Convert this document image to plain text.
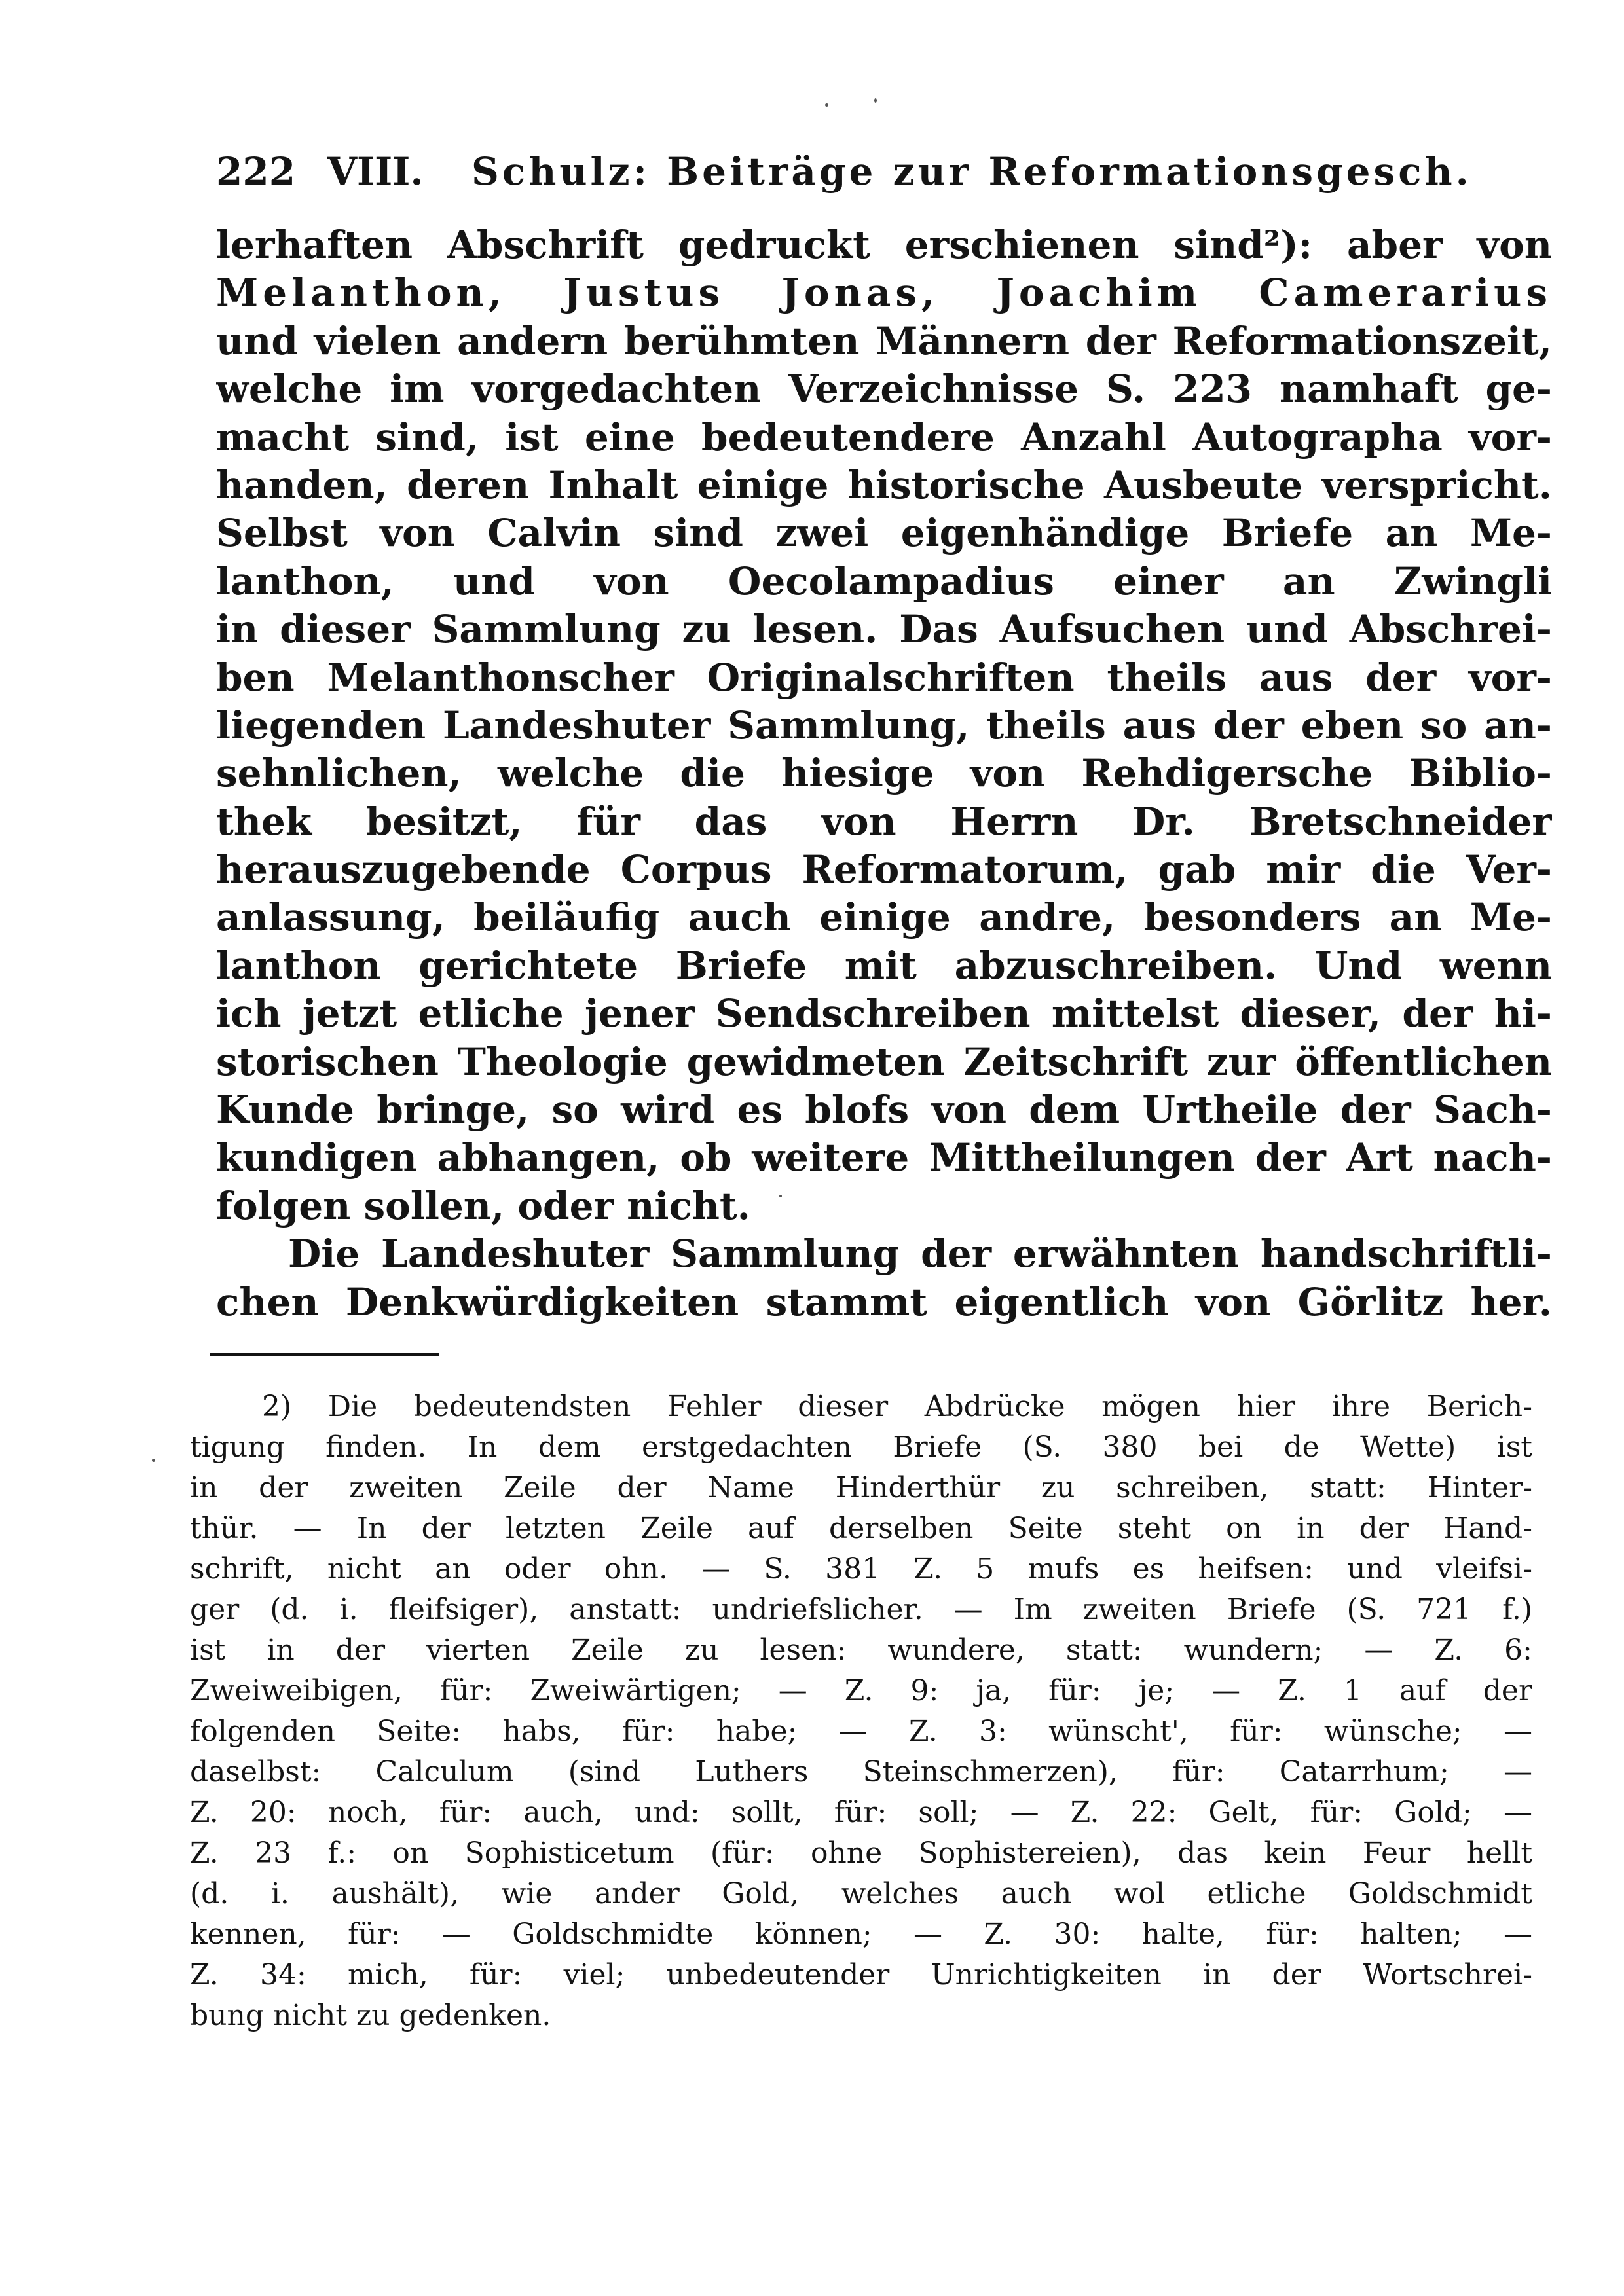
222 VIII. Schulz: Beiträge zur Reformationsgesch.
lerhaften Abschrift gedruckt erschienen sind²): aber von
Melanthon, Justus Jonas, Joachim Camerarius
und vielen andern berühmten Männern der Reformationszeit,
welche im vorgedachten Verzeichnisse S. 223 namhaft ge-
macht sind, ist eine bedeutendere Anzahl Autographa vor-
handen, deren Inhalt einige historische Ausbeute verspricht.
Selbst von Calvin sind zwei eigenhändige Briefe an Me-
lanthon, und von Oecolampadius einer an Zwingli
in dieser Sammlung zu lesen. Das Aufsuchen und Abschrei-
ben Melanthonscher Originalschriften theils aus der vor-
liegenden Landeshuter Sammlung, theils aus der eben so an-
sehnlichen, welche die hiesige von Rehdigersche Biblio-
thek besitzt, für das von Herrn Dr. Bretschneider
herauszugebende Corpus Reformatorum, gab mir die Ver-
anlassung, beiläufig auch einige andre, besonders an Me-
lanthon gerichtete Briefe mit abzuschreiben. Und wenn
ich jetzt etliche jener Sendschreiben mittelst dieser, der hi-
storischen Theologie gewidmeten Zeitschrift zur öffentlichen
Kunde bringe, so wird es blofs von dem Urtheile der Sach-
kundigen abhangen, ob weitere Mittheilungen der Art nach-
folgen sollen, oder nicht.
Die Landeshuter Sammlung der erwähnten handschriftli-
chen Denkwürdigkeiten stammt eigentlich von Görlitz her.
2) Die bedeutendsten Fehler dieser Abdrücke mögen hier ihre Berich-
tigung finden. In dem erstgedachten Briefe (S. 380 bei de Wette) ist
in der zweiten Zeile der Name Hinderthür zu schreiben, statt: Hinter-
thür. — In der letzten Zeile auf derselben Seite steht on in der Hand-
schrift, nicht an oder ohn. — S. 381 Z. 5 mufs es heifsen: und vleifsi-
ger (d. i. fleifsiger), anstatt: undriefslicher. — Im zweiten Briefe (S. 721 f.)
ist in der vierten Zeile zu lesen: wundere, statt: wundern; — Z. 6:
Zweiweibigen, für: Zweiwärtigen; — Z. 9: ja, für: je; — Z. 1 auf der
folgenden Seite: habs, für: habe; — Z. 3: wünscht', für: wünsche; —
daselbst: Calculum (sind Luthers Steinschmerzen), für: Catarrhum; —
Z. 20: noch, für: auch, und: sollt, für: soll; — Z. 22: Gelt, für: Gold; —
Z. 23 f.: on Sophisticetum (für: ohne Sophistereien), das kein Feur hellt
(d. i. aushält), wie ander Gold, welches auch wol etliche Goldschmidt
kennen, für: — Goldschmidte können; — Z. 30: halte, für: halten; —
Z. 34: mich, für: viel; unbedeutender Unrichtigkeiten in der Wortschrei-
bung nicht zu gedenken.
